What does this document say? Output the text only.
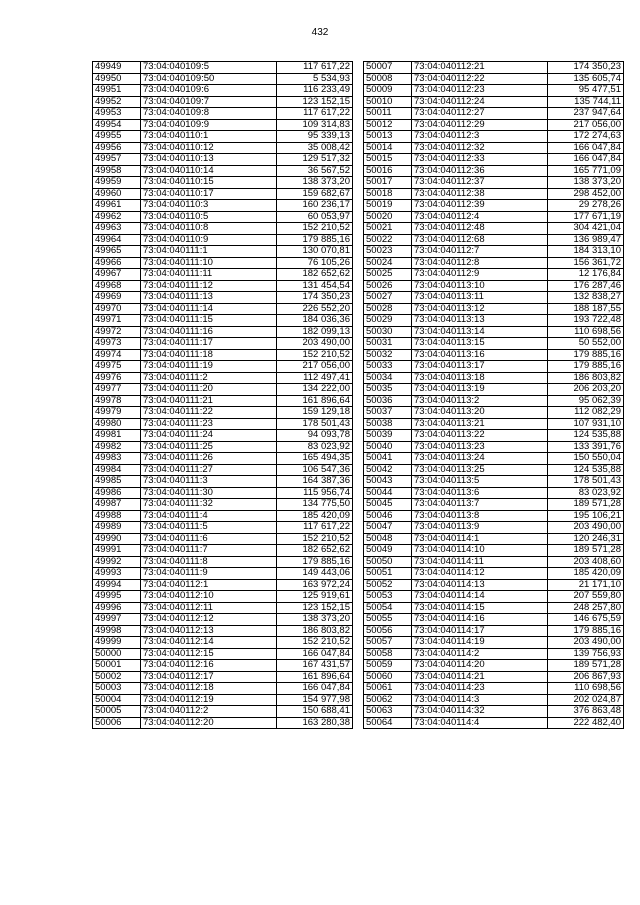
432
49949	73:04:040109:5	117 617,22
49950	73:04:040109:50	5 534,93
49951	73:04:040109:6	116 233,49
49952	73:04:040109:7	123 152,15
49953	73:04:040109:8	117 617,22
49954	73:04:040109:9	109 314,83
49955	73:04:040110:1	95 339,13
49956	73:04:040110:12	35 008,42
49957	73:04:040110:13	129 517,32
49958	73:04:040110:14	36 567,52
49959	73:04:040110:15	138 373,20
49960	73:04:040110:17	159 682,67
49961	73:04:040110:3	160 236,17
49962	73:04:040110:5	60 053,97
49963	73:04:040110:8	152 210,52
49964	73:04:040110:9	179 885,16
49965	73:04:040111:1	130 070,81
49966	73:04:040111:10	76 105,26
49967	73:04:040111:11	182 652,62
49968	73:04:040111:12	131 454,54
49969	73:04:040111:13	174 350,23
49970	73:04:040111:14	226 552,20
49971	73:04:040111:15	184 036,36
49972	73:04:040111:16	182 099,13
49973	73:04:040111:17	203 490,00
49974	73:04:040111:18	152 210,52
49975	73:04:040111:19	217 056,00
49976	73:04:040111:2	112 497,41
49977	73:04:040111:20	134 222,00
49978	73:04:040111:21	161 896,64
49979	73:04:040111:22	159 129,18
49980	73:04:040111:23	178 501,43
49981	73:04:040111:24	94 093,78
49982	73:04:040111:25	83 023,92
49983	73:04:040111:26	165 494,35
49984	73:04:040111:27	106 547,36
49985	73:04:040111:3	164 387,36
49986	73:04:040111:30	115 956,74
49987	73:04:040111:32	134 775,50
49988	73:04:040111:4	185 420,09
49989	73:04:040111:5	117 617,22
49990	73:04:040111:6	152 210,52
49991	73:04:040111:7	182 652,62
49992	73:04:040111:8	179 885,16
49993	73:04:040111:9	149 443,06
49994	73:04:040112:1	163 972,24
49995	73:04:040112:10	125 919,61
49996	73:04:040112:11	123 152,15
49997	73:04:040112:12	138 373,20
49998	73:04:040112:13	186 803,82
49999	73:04:040112:14	152 210,52
50000	73:04:040112:15	166 047,84
50001	73:04:040112:16	167 431,57
50002	73:04:040112:17	161 896,64
50003	73:04:040112:18	166 047,84
50004	73:04:040112:19	154 977,98
50005	73:04:040112:2	150 688,41
50006	73:04:040112:20	163 280,38
50007	73:04:040112:21	174 350,23
50008	73:04:040112:22	135 605,74
50009	73:04:040112:23	95 477,51
50010	73:04:040112:24	135 744,11
50011	73:04:040112:27	237 947,64
50012	73:04:040112:29	217 056,00
50013	73:04:040112:3	172 274,63
50014	73:04:040112:32	166 047,84
50015	73:04:040112:33	166 047,84
50016	73:04:040112:36	165 771,09
50017	73:04:040112:37	138 373,20
50018	73:04:040112:38	298 452,00
50019	73:04:040112:39	29 278,26
50020	73:04:040112:4	177 671,19
50021	73:04:040112:48	304 421,04
50022	73:04:040112:68	136 989,47
50023	73:04:040112:7	184 313,10
50024	73:04:040112:8	156 361,72
50025	73:04:040112:9	12 176,84
50026	73:04:040113:10	176 287,46
50027	73:04:040113:11	132 838,27
50028	73:04:040113:12	188 187,55
50029	73:04:040113:13	193 722,48
50030	73:04:040113:14	110 698,56
50031	73:04:040113:15	50 552,00
50032	73:04:040113:16	179 885,16
50033	73:04:040113:17	179 885,16
50034	73:04:040113:18	186 803,82
50035	73:04:040113:19	206 203,20
50036	73:04:040113:2	95 062,39
50037	73:04:040113:20	112 082,29
50038	73:04:040113:21	107 931,10
50039	73:04:040113:22	124 535,88
50040	73:04:040113:23	133 391,76
50041	73:04:040113:24	150 550,04
50042	73:04:040113:25	124 535,88
50043	73:04:040113:5	178 501,43
50044	73:04:040113:6	83 023,92
50045	73:04:040113:7	189 571,28
50046	73:04:040113:8	195 106,21
50047	73:04:040113:9	203 490,00
50048	73:04:040114:1	120 246,31
50049	73:04:040114:10	189 571,28
50050	73:04:040114:11	203 408,60
50051	73:04:040114:12	185 420,09
50052	73:04:040114:13	21 171,10
50053	73:04:040114:14	207 559,80
50054	73:04:040114:15	248 257,80
50055	73:04:040114:16	146 675,59
50056	73:04:040114:17	179 885,16
50057	73:04:040114:19	203 490,00
50058	73:04:040114:2	139 756,93
50059	73:04:040114:20	189 571,28
50060	73:04:040114:21	206 867,93
50061	73:04:040114:23	110 698,56
50062	73:04:040114:3	202 024,87
50063	73:04:040114:32	376 863,48
50064	73:04:040114:4	222 482,40
